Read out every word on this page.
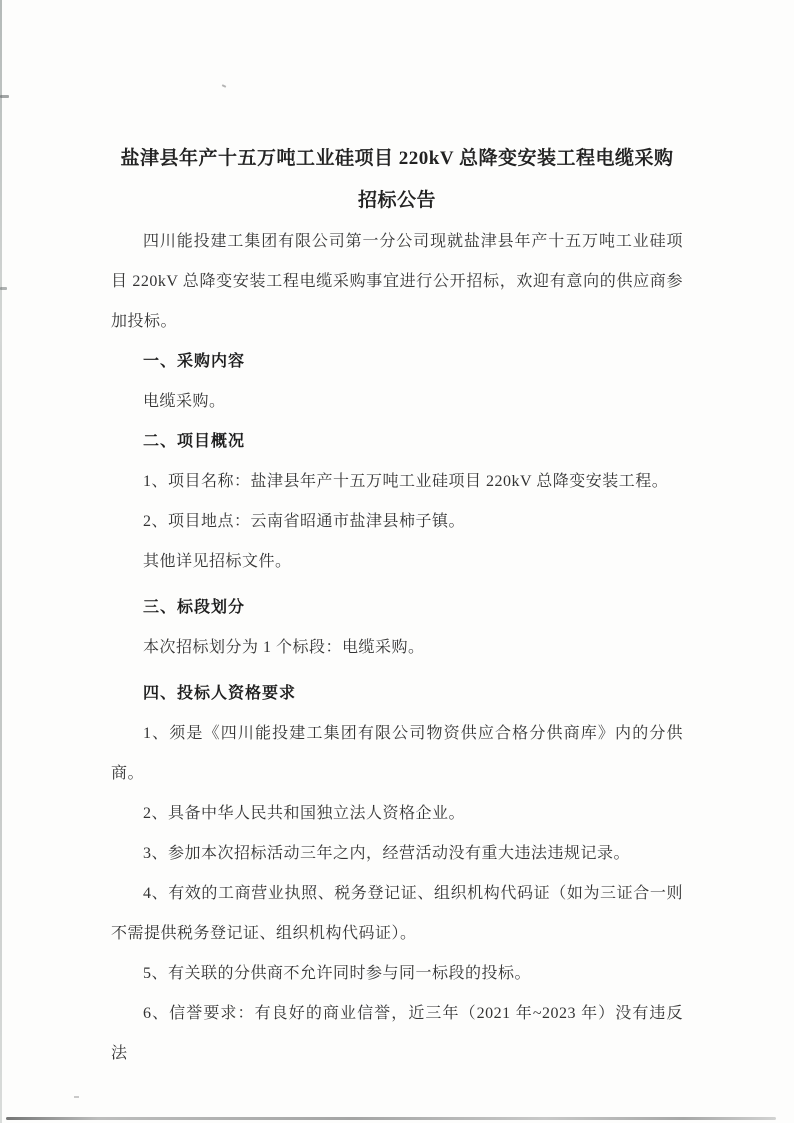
盐津县年产十五万吨工业硅项目 220kV 总降变安装工程电缆采购
招标公告

四川能投建工集团有限公司第一分公司现就盐津县年产十五万吨工业硅项目 220kV 总降变安装工程电缆采购事宜进行公开招标，欢迎有意向的供应商参加投标。

一、采购内容

电缆采购。

二、项目概况

1、项目名称：盐津县年产十五万吨工业硅项目 220kV 总降变安装工程。

2、项目地点：云南省昭通市盐津县柿子镇。

其他详见招标文件。

三、标段划分

本次招标划分为 1 个标段：电缆采购。

四、投标人资格要求

1、须是《四川能投建工集团有限公司物资供应合格分供商库》内的分供商。

2、具备中华人民共和国独立法人资格企业。

3、参加本次招标活动三年之内，经营活动没有重大违法违规记录。

4、有效的工商营业执照、税务登记证、组织机构代码证（如为三证合一则不需提供税务登记证、组织机构代码证）。

5、有关联的分供商不允许同时参与同一标段的投标。

6、信誉要求：有良好的商业信誉，近三年（2021 年~2023 年）没有违反法
